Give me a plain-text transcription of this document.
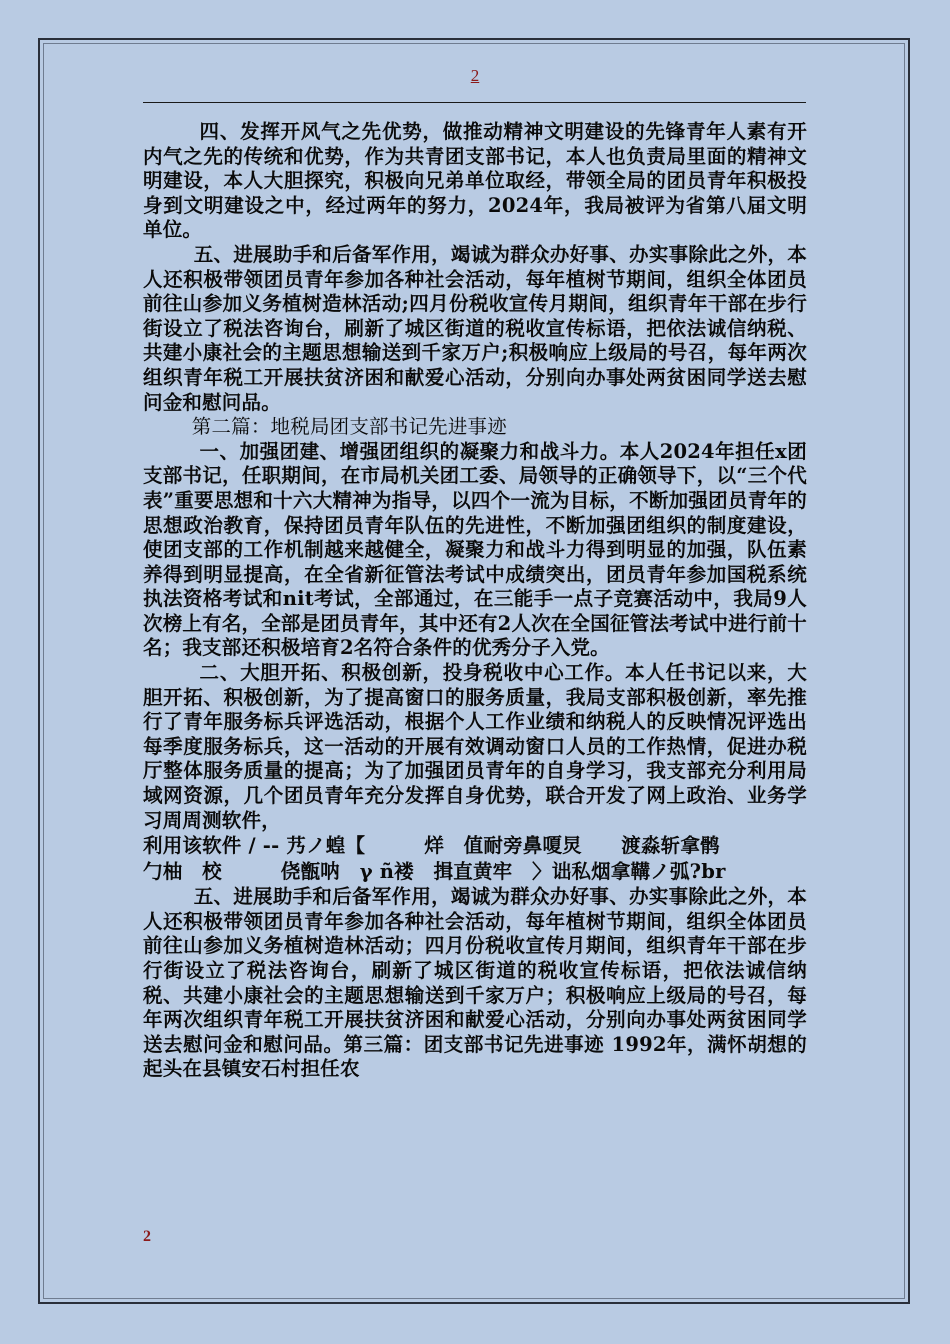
2

四、发挥开风气之先优势，做推动精神文明建设的先锋青年人素有开内气之先的传统和优势，作为共青团支部书记，本人也负责局里面的精神文明建设，本人大胆探究，积极向兄弟单位取经，带领全局的团员青年积极投身到文明建设之中，经过两年的努力，2024年，我局被评为省第八届文明单位。

五、进展助手和后备军作用，竭诚为群众办好事、办实事除此之外，本人还积极带领团员青年参加各种社会活动，每年植树节期间，组织全体团员前往山参加义务植树造林活动;四月份税收宣传月期间，组织青年干部在步行街设立了税法咨询台，刷新了城区街道的税收宣传标语，把依法诚信纳税、共建小康社会的主题思想输送到千家万户;积极响应上级局的号召，每年两次组织青年税工开展扶贫济困和献爱心活动，分别向办事处两贫困同学送去慰问金和慰问品。

第二篇：地税局团支部书记先进事迹

一、加强团建、增强团组织的凝聚力和战斗力。本人2024年担任x团支部书记，任职期间，在市局机关团工委、局领导的正确领导下，以“三个代表”重要思想和十六大精神为指导，以四个一流为目标，不断加强团员青年的思想政治教育，保持团员青年队伍的先进性，不断加强团组织的制度建设，使团支部的工作机制越来越健全，凝聚力和战斗力得到明显的加强，队伍素养得到明显提高，在全省新征管法考试中成绩突出，团员青年参加国税系统执法资格考试和nit考试，全部通过，在三能手一点子竞赛活动中，我局9人次榜上有名，全部是团员青年，其中还有2人次在全国征管法考试中进行前十名；我支部还积极培育2名符合条件的优秀分子入党。

二、大胆开拓、积极创新，投身税收中心工作。本人任书记以来，大胆开拓、积极创新，为了提高窗口的服务质量，我局支部积极创新，率先推行了青年服务标兵评选活动，根据个人工作业绩和纳税人的反映情况评选出每季度服务标兵，这一活动的开展有效调动窗口人员的工作热情，促进办税厅整体服务质量的提高；为了加强团员青年的自身学习，我支部充分利用局域网资源，几个团员青年充分发挥自身优势，联合开发了网上政治、业务学习周周测软件，

利用该软件 / -- 艿ノ蝗【　　　烊　值耐旁鼻嗄炅　　渡淼斩拿鹘

勹柚　校　　　侥甑呐　γ ñ褛　揖直黄牢　〉诎私烟拿鞲ノ弧?br

五、进展助手和后备军作用，竭诚为群众办好事、办实事除此之外，本人还积极带领团员青年参加各种社会活动，每年植树节期间，组织全体团员前往山参加义务植树造林活动；四月份税收宣传月期间，组织青年干部在步行街设立了税法咨询台，刷新了城区街道的税收宣传标语，把依法诚信纳税、共建小康社会的主题思想输送到千家万户；积极响应上级局的号召，每年两次组织青年税工开展扶贫济困和献爱心活动，分别向办事处两贫困同学送去慰问金和慰问品。第三篇：团支部书记先进事迹 1992年，满怀胡想的起头在县镇安石村担任农

2
